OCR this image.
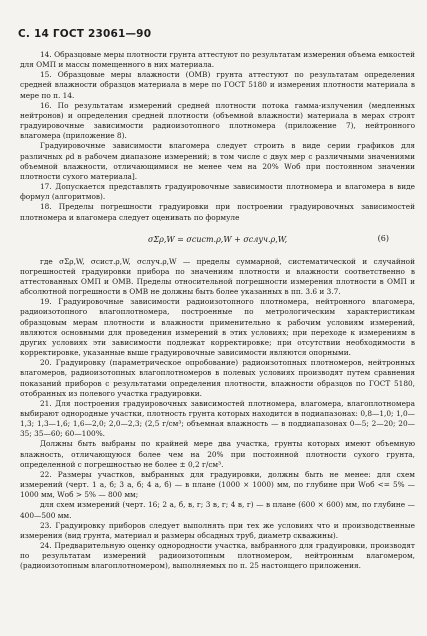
С. 14 ГОСТ 23061—90

14. Образцовые меры плотности грунта аттестуют по результатам измерения объема емкостей для ОМП и массы помещенного в них материала.

15. Образцовые меры влажности (ОМВ) грунта аттестуют по результатам определения средней влажности образцов материала в мере по ГОСТ 5180 и измерения плотности материала в мере по п. 14.

16. По результатам измерений средней плотности потока гамма-излучения (медленных нейтронов) и определения средней плотности (объемной влажности) материала в мерах строят градуировочные зависимости радиоизотопного плотномера (приложение 7), нейтронного влагомера (приложение 8).

Градуировочные зависимости влагомера следует строить в виде серии графиков для различных ρd в рабочем диапазоне измерений; в том числе с двух мер с различными значениями объемной влажности, отличающимися не менее чем на 20% Wоб при постоянном значении плотности сухого материала].

17. Допускается представлять градуировочные зависимости плотномера и влагомера в виде формул (алгоритмов).

18. Пределы погрешности градуировки при построении градуировочных зависимостей плотномера и влагомера следует оценивать по формуле

σΣρ,W = σсист.ρ,W + σслуч.ρ,W,	(6)

где σΣρ,W, σсист.ρ,W, σслуч.ρ,W — пределы суммарной, систематической и случайной погрешностей градуировки прибора по значениям плотности и влажности соответственно в аттестованных ОМП и ОМВ. Пределы относительной погрешности измерения плотности в ОМП и абсолютной погрешности в ОМВ не должны быть более указанных в пп. 3.6 и 3.7.

19. Градуировочные зависимости радиоизотопного плотномера, нейтронного влагомера, радиоизотопного влагоплотномера, построенные по метрологическим характеристикам образцовым мерам плотности и влажности применительно к рабочим условиям измерений, являются основными для проведения измерений в этих условиях; при переходе к измерениям в других условиях эти зависимости подлежат корректировке; при отсутствии необходимости в корректировке, указанные выше градуировочные зависимости являются опорными.

20. Градуировку (параметрическое опробование) радиоизотопных плотномеров, нейтронных влагомеров, радиоизотопных влагоплотномеров в полевых условиях производят путем сравнения показаний приборов с результатами определения плотности, влажности образцов по ГОСТ 5180, отобранных из полевого участка градуировки.

21. Для построения градуировочных зависимостей плотномера, влагомера, влагоплотномера выбирают однородные участки, плотность грунта которых находится в подиапазонах: 0,8—1,0; 1,0—1,3; 1,3—1,6; 1,6—2,0; 2,0—2,3; (2,5 г/см³; объемная влажность — в поддиапазонах 0—5; 2—20; 20—35; 35—60; 60—100%.

Должны быть выбраны по крайней мере два участка, грунты которых имеют объемную влажность, отличающуюся более чем на 20% при постоянной плотности сухого грунта, определенной с погрешностью не более ± 0,2 г/см³.

22. Размеры участков, выбранных для градуировки, должны быть не менее: для схем измерений (черт. 1 а, б; 3 а, б; 4 а, б) — в плане (1000 × 1000) мм, по глубине при Wоб <= 5% — 1000 мм, Wоб > 5% — 800 мм;

для схем измерений (черт. 16; 2 а, б, в, г; 3 в, г; 4 в, г) — в плане (600 × 600) мм, по глубине — 400—500 мм.

23. Градуировку приборов следует выполнять при тех же условиях что и производственные измерения (вид грунта, материал и размеры обсадных труб, диаметр скважины).

24. Предварительную оценку однородности участка, выбранного для градуировки, производят по результатам измерений радиоизотопным плотномером, нейтронным влагомером, (радиоизотопным влагоплотномером), выполняемых по п. 25 настоящего приложения.
